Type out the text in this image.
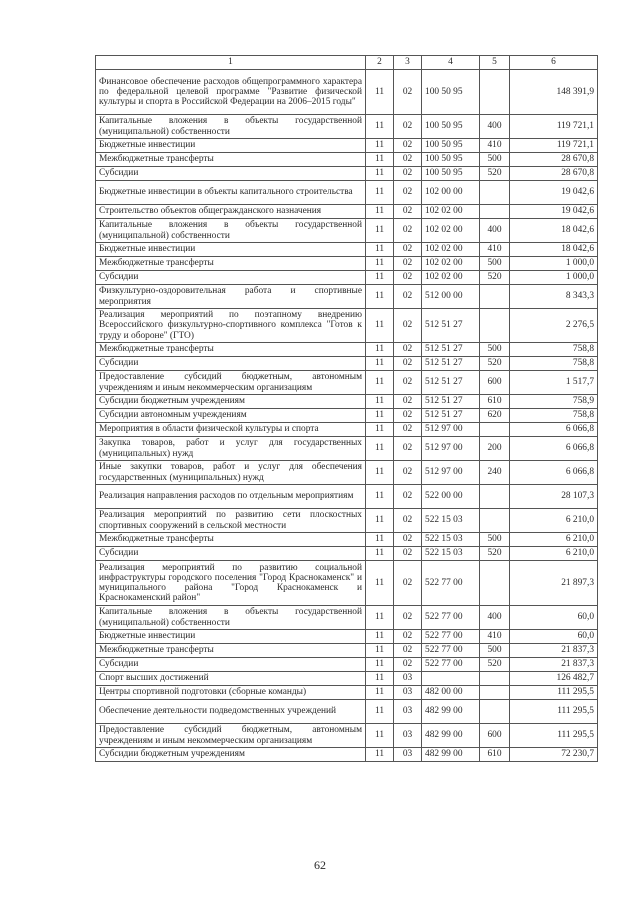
1	2	3	4	5	6
Финансовое обеспечение расходов общепрограммного характера по федеральной целевой программе "Развитие физической культуры и спорта в Российской Федерации на 2006–2015 годы"	11	02	100 50 95		148 391,9
Капитальные вложения в объекты государственной (муниципальной) собственности	11	02	100 50 95	400	119 721,1
Бюджетные инвестиции	11	02	100 50 95	410	119 721,1
Межбюджетные трансферты	11	02	100 50 95	500	28 670,8
Субсидии	11	02	100 50 95	520	28 670,8
Бюджетные инвестиции в объекты капитального строительства	11	02	102 00 00		19 042,6
Строительство объектов общегражданского назначения	11	02	102 02 00		19 042,6
Капитальные вложения в объекты государственной (муниципальной) собственности	11	02	102 02 00	400	18 042,6
Бюджетные инвестиции	11	02	102 02 00	410	18 042,6
Межбюджетные трансферты	11	02	102 02 00	500	1 000,0
Субсидии	11	02	102 02 00	520	1 000,0
Физкультурно-оздоровительная работа и спортивные мероприятия	11	02	512 00 00		8 343,3
Реализация мероприятий по поэтапному внедрению Всероссийского физкультурно-спортивного комплекса "Готов к труду и обороне" (ГТО)	11	02	512 51 27		2 276,5
Межбюджетные трансферты	11	02	512 51 27	500	758,8
Субсидии	11	02	512 51 27	520	758,8
Предоставление субсидий бюджетным, автономным учреждениям и иным некоммерческим организациям	11	02	512 51 27	600	1 517,7
Субсидии бюджетным учреждениям	11	02	512 51 27	610	758,9
Субсидии автономным учреждениям	11	02	512 51 27	620	758,8
Мероприятия в области физической культуры и спорта	11	02	512 97 00		6 066,8
Закупка товаров, работ и услуг для государственных (муниципальных) нужд	11	02	512 97 00	200	6 066,8
Иные закупки товаров, работ и услуг для обеспечения государственных (муниципальных) нужд	11	02	512 97 00	240	6 066,8
Реализация направления расходов по отдельным мероприятиям	11	02	522 00 00		28 107,3
Реализация мероприятий по развитию сети плоскостных спортивных сооружений в сельской местности	11	02	522 15 03		6 210,0
Межбюджетные трансферты	11	02	522 15 03	500	6 210,0
Субсидии	11	02	522 15 03	520	6 210,0
Реализация мероприятий по развитию социальной инфраструктуры городского поселения "Город Краснокаменск" и муниципального района "Город Краснокаменск и Краснокаменский район"	11	02	522 77 00		21 897,3
Капитальные вложения в объекты государственной (муниципальной) собственности	11	02	522 77 00	400	60,0
Бюджетные инвестиции	11	02	522 77 00	410	60,0
Межбюджетные трансферты	11	02	522 77 00	500	21 837,3
Субсидии	11	02	522 77 00	520	21 837,3
Спорт высших достижений	11	03			126 482,7
Центры спортивной подготовки (сборные команды)	11	03	482 00 00		111 295,5
Обеспечение деятельности подведомственных учреждений	11	03	482 99 00		111 295,5
Предоставление субсидий бюджетным, автономным учреждениям и иным некоммерческим организациям	11	03	482 99 00	600	111 295,5
Субсидии бюджетным учреждениям	11	03	482 99 00	610	72 230,7
62
